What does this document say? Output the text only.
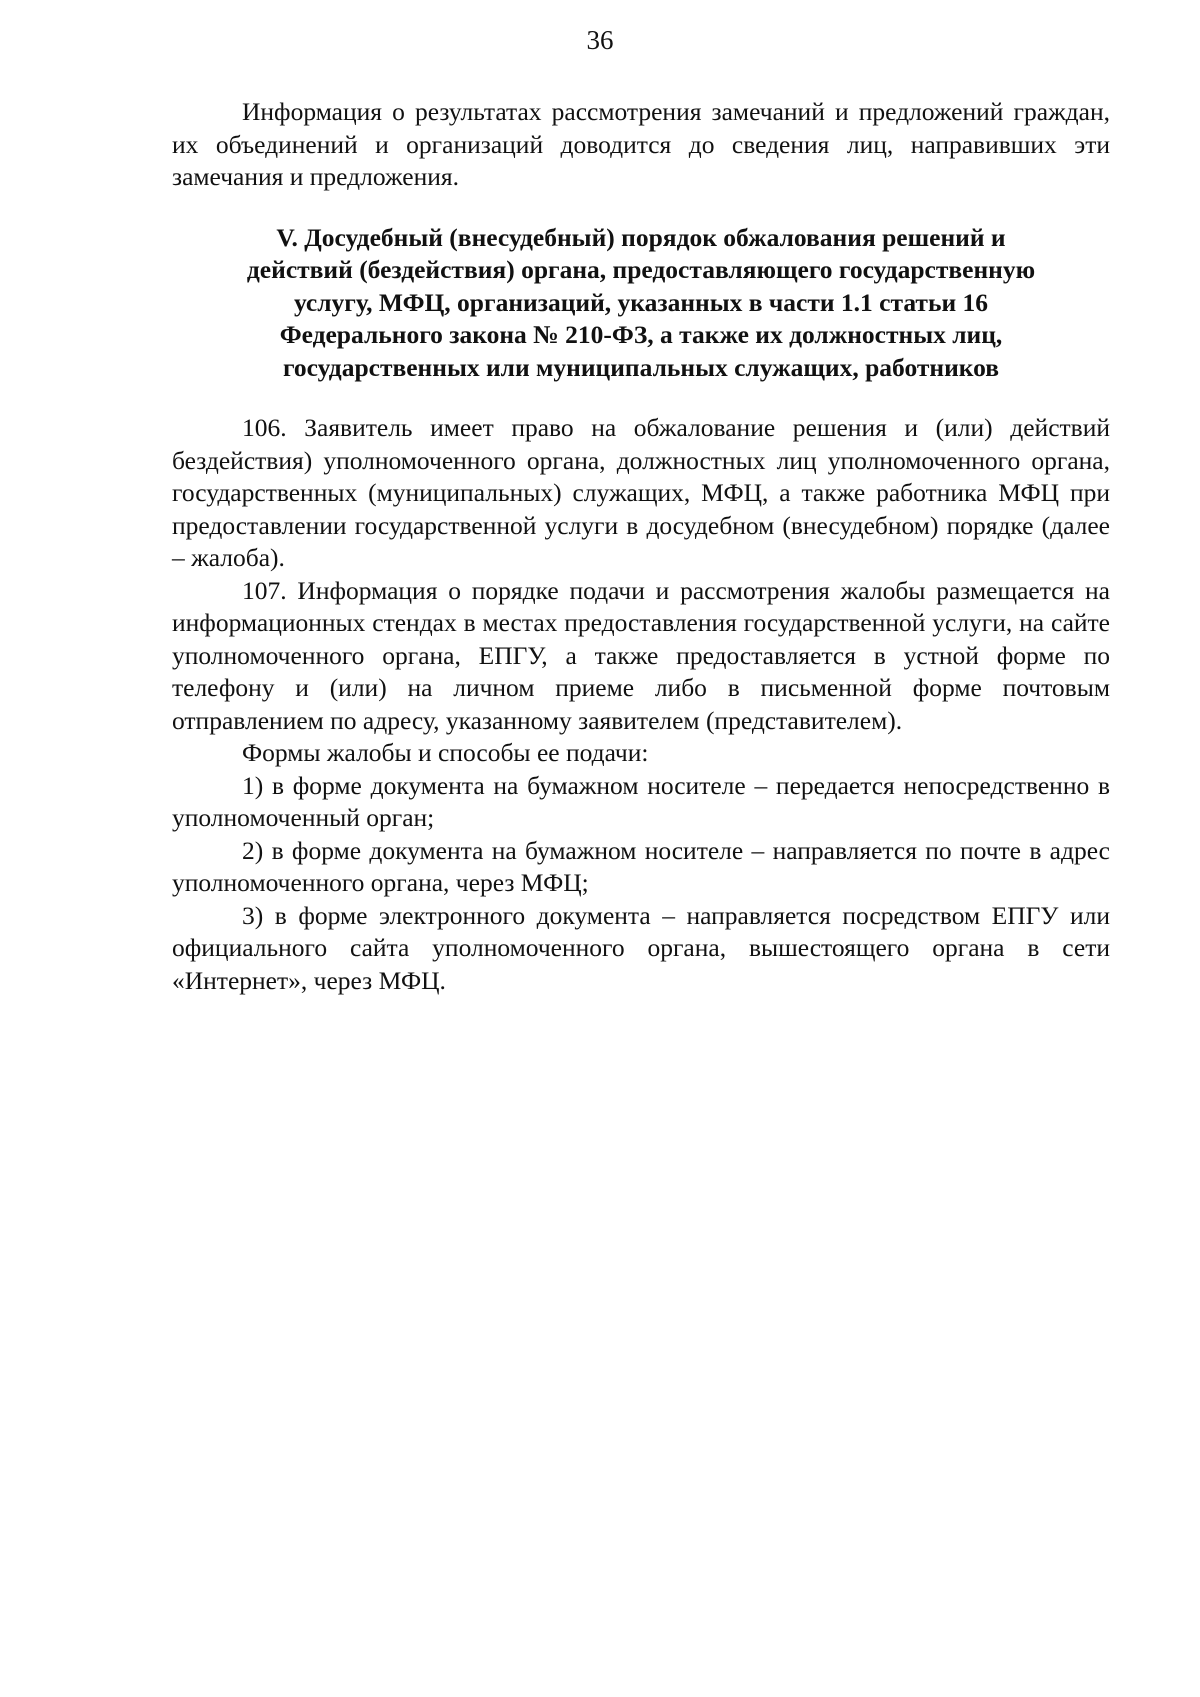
36

Информация о результатах рассмотрения замечаний и предложений граждан, их объединений и организаций доводится до сведения лиц, направивших эти замечания и предложения.

V. Досудебный (внесудебный) порядок обжалования решений и
действий (бездействия) органа, предоставляющего государственную
услугу, МФЦ, организаций, указанных в части 1.1 статьи 16
Федерального закона № 210-ФЗ, а также их должностных лиц,
государственных или муниципальных служащих, работников

106. Заявитель имеет право на обжалование решения и (или) действий бездействия) уполномоченного органа, должностных лиц уполномоченного органа, государственных (муниципальных) служащих, МФЦ, а также работника МФЦ при предоставлении государственной услуги в досудебном (внесудебном) порядке (далее – жалоба).

107. Информация о порядке подачи и рассмотрения жалобы размещается на информационных стендах в местах предоставления государственной услуги, на сайте уполномоченного органа, ЕПГУ, а также предоставляется в устной форме по телефону и (или) на личном приеме либо в письменной форме почтовым отправлением по адресу, указанному заявителем (представителем).

Формы жалобы и способы ее подачи:

1) в форме документа на бумажном носителе – передается непосредственно в уполномоченный орган;

2) в форме документа на бумажном носителе – направляется по почте в адрес уполномоченного органа, через МФЦ;

3) в форме электронного документа – направляется посредством ЕПГУ или официального сайта уполномоченного органа, вышестоящего органа в сети «Интернет», через МФЦ.
